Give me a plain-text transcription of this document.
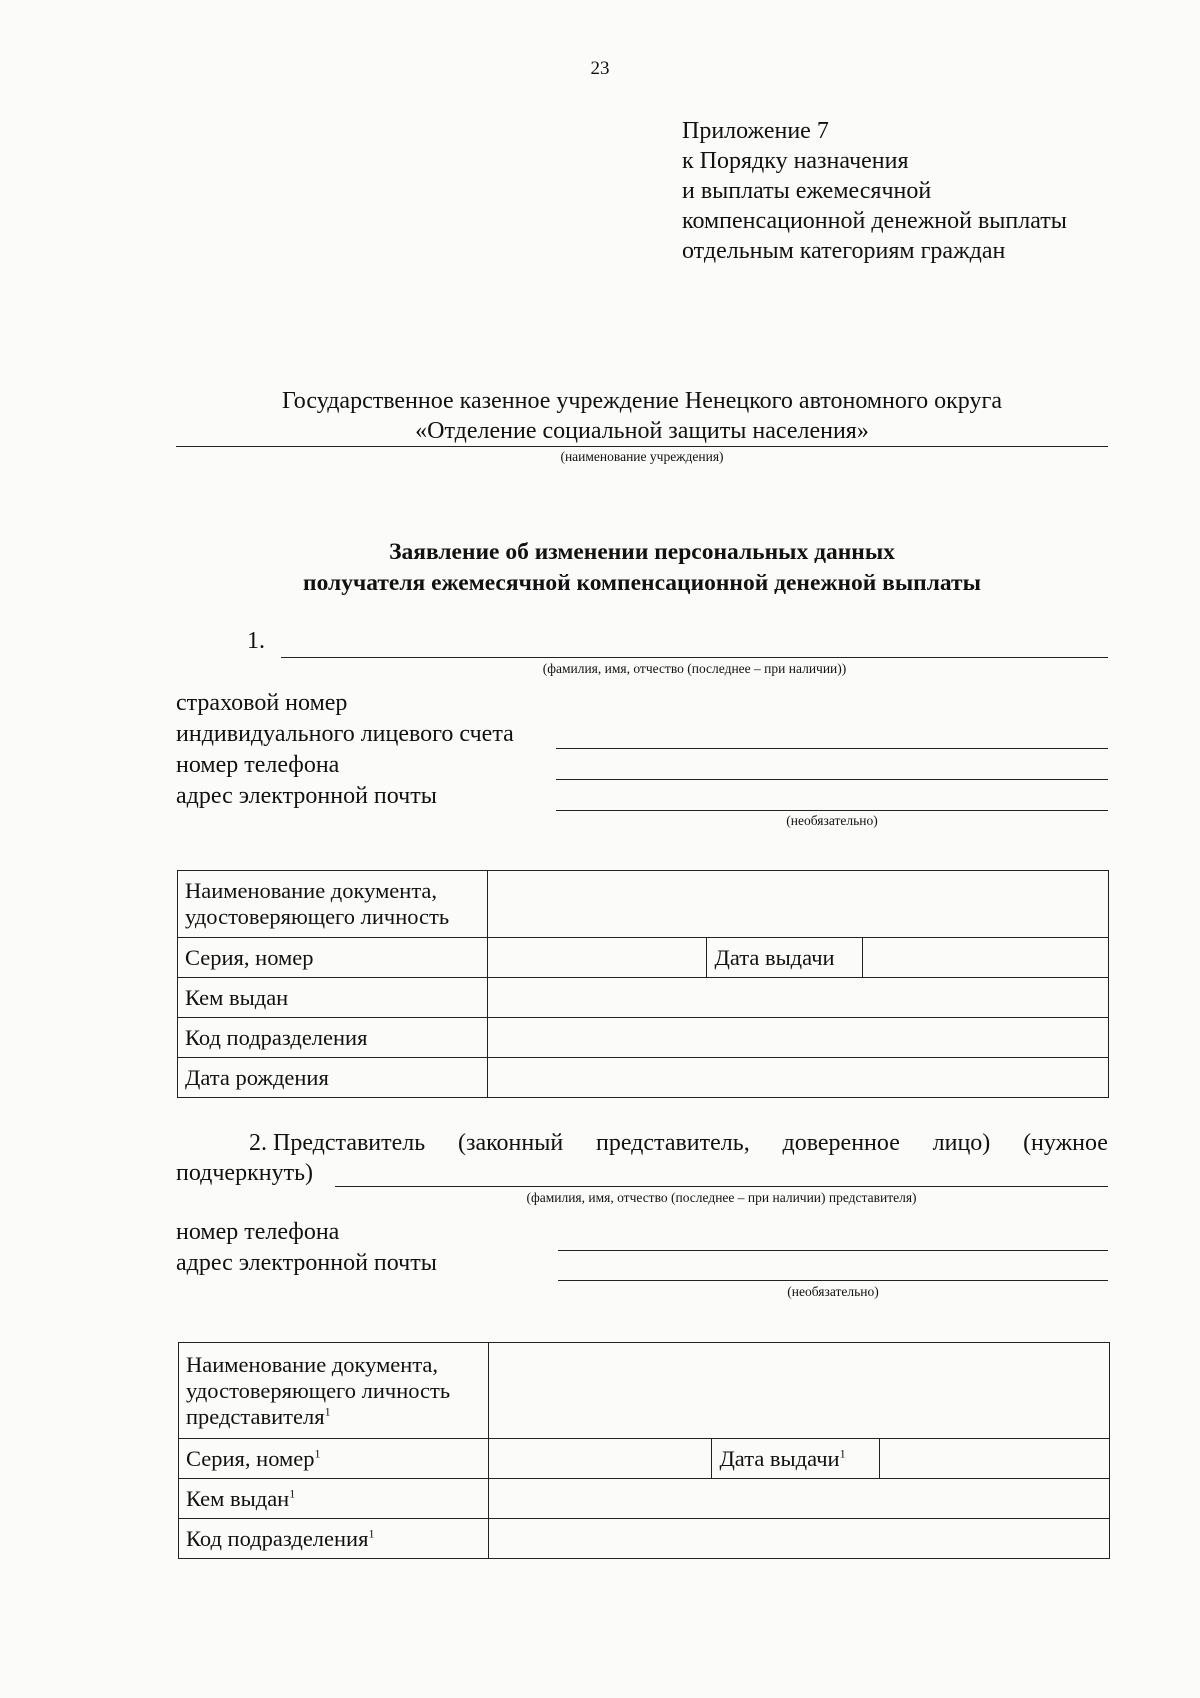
23
Приложение 7
к Порядку назначения
и выплаты ежемесячной
компенсационной денежной выплаты
отдельным категориям граждан
Государственное казенное учреждение Ненецкого автономного округа
«Отделение социальной защиты населения»
(наименование учреждения)
Заявление об изменении персональных данных
получателя ежемесячной компенсационной денежной выплаты
1.
(фамилия, имя, отчество (последнее – при наличии))
страховой номер
индивидуального лицевого счета
номер телефона
адрес электронной почты
(необязательно)
Наименование документа, удостоверяющего личность			
Серия, номер		Дата выдачи	
Кем выдан			
Код подразделения			
Дата рождения			
2. Представитель (законный представитель, доверенное лицо) (нужное
подчеркнуть)
(фамилия, имя, отчество (последнее – при наличии) представителя)
номер телефона
адрес электронной почты
(необязательно)
Наименование документа,
удостоверяющего личность
представителя$^1$	
Серия, номер$^1$		Дата выдачи$^1$	
Кем выдан$^1$	
Код подразделения$^1$	
